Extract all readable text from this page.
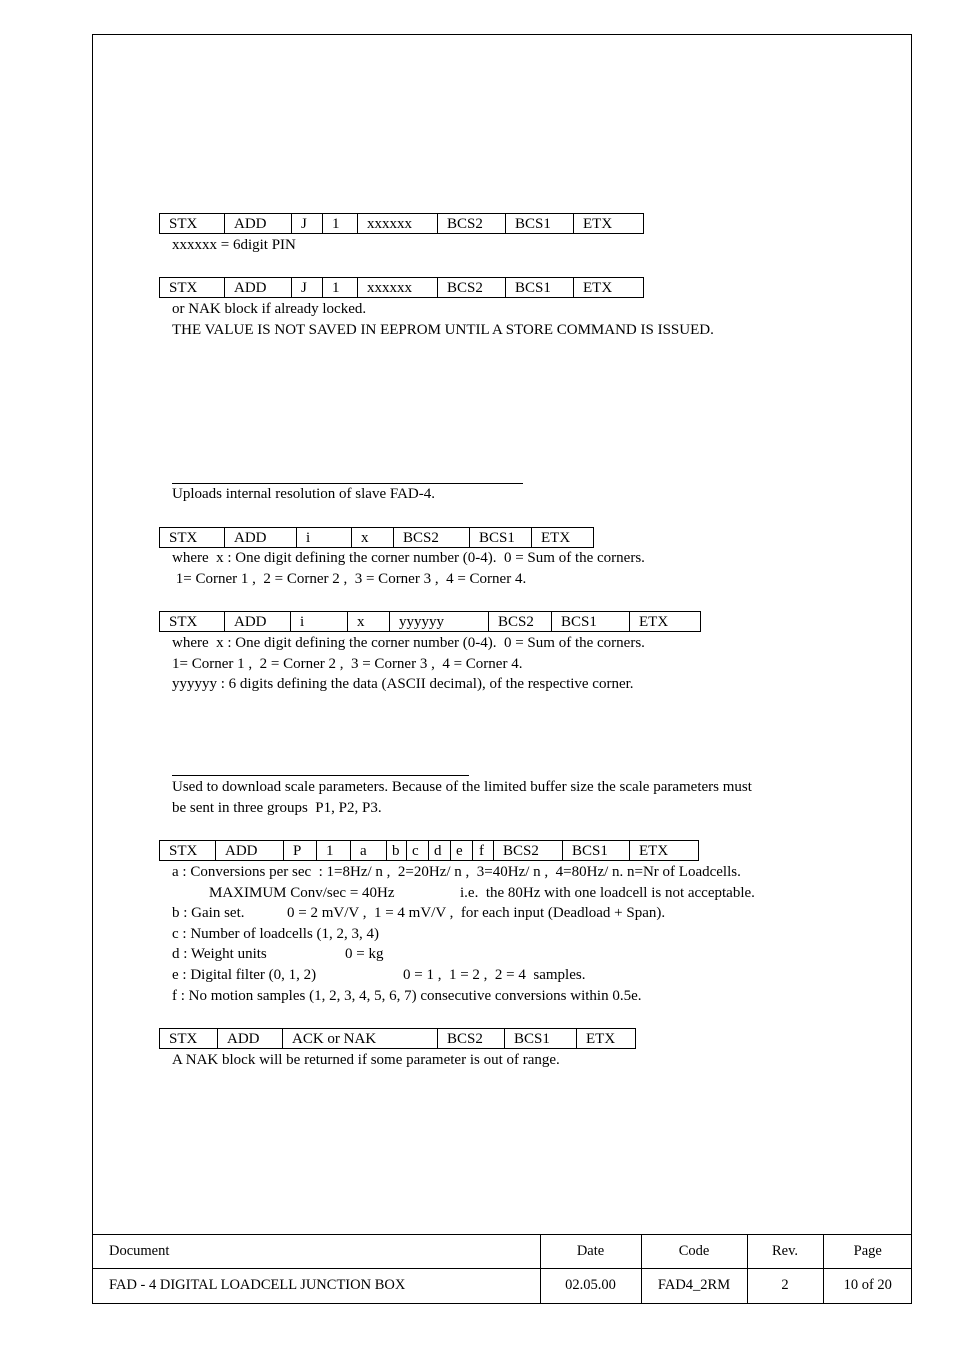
STX	ADD	J	1	xxxxxx	BCS2	BCS1	ETX
xxxxxx = 6digit PIN
STX	ADD	J	1	xxxxxx	BCS2	BCS1	ETX
or NAK block if already locked.
THE VALUE IS NOT SAVED IN EEPROM UNTIL A STORE COMMAND IS ISSUED.
Uploads internal resolution of slave FAD-4.
STX	ADD	i	x	BCS2	BCS1	ETX
where  x : One digit defining the corner number (0-4).  0 = Sum of the corners.
1= Corner 1 ,  2 = Corner 2 ,  3 = Corner 3 ,  4 = Corner 4.
STX	ADD	i	x	yyyyyy	BCS2	BCS1	ETX
where  x : One digit defining the corner number (0-4).  0 = Sum of the corners.
1= Corner 1 ,  2 = Corner 2 ,  3 = Corner 3 ,  4 = Corner 4.
yyyyyy : 6 digits defining the data (ASCII decimal), of the respective corner.
Used to download scale parameters. Because of the limited buffer size the scale parameters must
be sent in three groups  P1, P2, P3.
STX	ADD	P	1	a	b	c	d	e	f	BCS2	BCS1	ETX
a : Conversions per sec  : 1=8Hz/ n ,  2=20Hz/ n ,  3=40Hz/ n ,  4=80Hz/ n. n=Nr of Loadcells.
MAXIMUM Conv/sec = 40Hz	i.e.  the 80Hz with one loadcell is not acceptable.
b : Gain set.	0 = 2 mV/V ,  1 = 4 mV/V ,  for each input (Deadload + Span).
c : Number of loadcells (1, 2, 3, 4)
d : Weight units	0 = kg
e : Digital filter (0, 1, 2)	0 = 1 ,  1 = 2 ,  2 = 4  samples.
f : No motion samples (1, 2, 3, 4, 5, 6, 7) consecutive conversions within 0.5e.
STX	ADD	ACK or NAK	BCS2	BCS1	ETX
A NAK block will be returned if some parameter is out of range.
Document	Date	Code	Rev.	Page
FAD - 4 DIGITAL LOADCELL JUNCTION BOX	02.05.00	FAD4_2RM	2	10 of 20
